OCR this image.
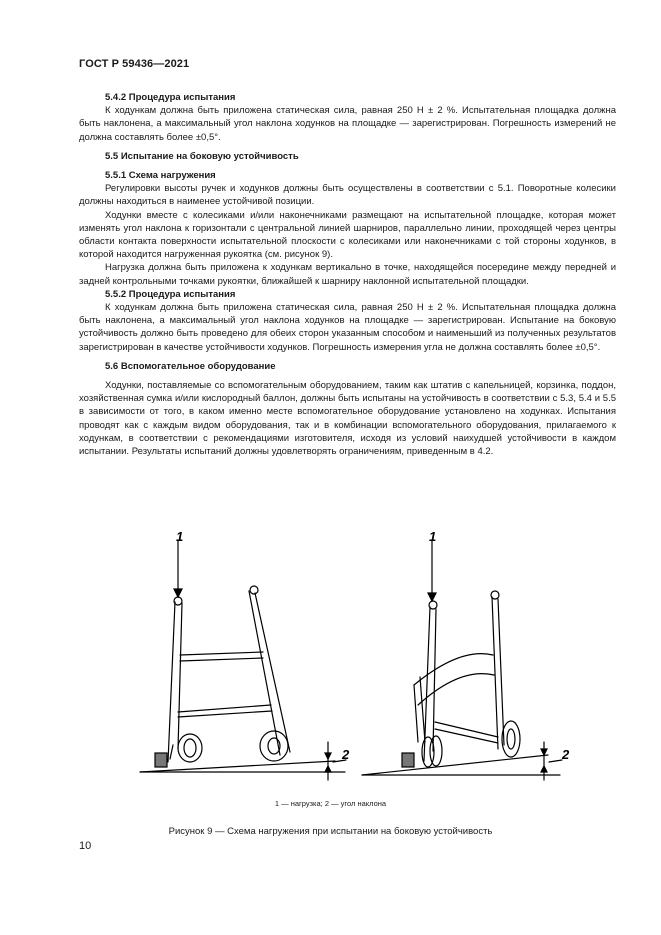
ГОСТ Р 59436—2021

5.4.2 Процедура испытания

К ходункам должна быть приложена статическая сила, равная 250 Н ± 2 %. Испытательная площадка должна быть наклонена, а максимальный угол наклона ходунков на площадке — зарегистрирован. Погрешность измерений не должна составлять более ±0,5°.

5.5 Испытание на боковую устойчивость

5.5.1 Схема нагружения

Регулировки высоты ручек и ходунков должны быть осуществлены в соответствии с 5.1. Поворотные колесики должны находиться в наименее устойчивой позиции.

Ходунки вместе с колесиками и/или наконечниками размещают на испытательной площадке, которая может изменять угол наклона к горизонтали с центральной линией шарниров, параллельно линии, проходящей через центры области контакта поверхности испытательной плоскости с колесиками или наконечниками с той стороны ходунков, в которой находится нагруженная рукоятка (см. рисунок 9).

Нагрузка должна быть приложена к ходункам вертикально в точке, находящейся посередине между передней и задней контрольными точками рукоятки, ближайшей к шарниру наклонной испытательной площадки.

5.5.2 Процедура испытания

К ходункам должна быть приложена статическая сила, равная 250 Н ± 2 %. Испытательная площадка должна быть наклонена, а максимальный угол наклона ходунков на площадке — зарегистрирован. Испытание на боковую устойчивость должно быть проведено для обеих сторон указанным способом и наименьший из полученных результатов зарегистрирован в качестве устойчивости ходунков. Погрешность измерения угла не должна составлять более ±0,5°.

5.6 Вспомогательное оборудование

Ходунки, поставляемые со вспомогательным оборудованием, таким как штатив с капельницей, корзинка, поддон, хозяйственная сумка и/или кислородный баллон, должны быть испытаны на устойчивость в соответствии с 5.3, 5.4 и 5.5 в зависимости от того, в каком именно месте вспомогательное оборудование установлено на ходунках. Испытания проводят как с каждым видом оборудования, так и в комбинации вспомогательного оборудования, прилагаемого к ходункам, в соответствии с рекомендациями изготовителя, исходя из условий наихудшей устойчивости в каждом испытании. Результаты испытаний должны удовлетворять ограничениям, приведенным в 4.2.

1
2
1
2
1 — нагрузка; 2 — угол наклона
Рисунок 9 — Схема нагружения при испытании на боковую устойчивость
10
